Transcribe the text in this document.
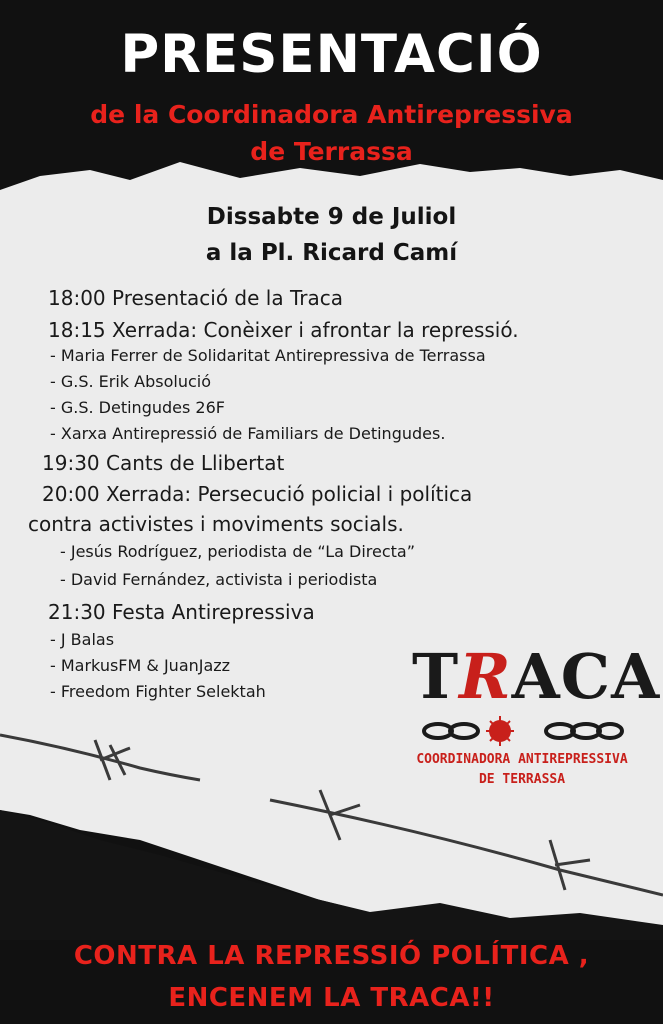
PRESENTACIÓ
de la Coordinadora Antirepressiva
de Terrassa
Dissabte 9 de Juliol
a la Pl. Ricard Camí
18:00 Presentació de la Traca
18:15 Xerrada: Conèixer i afrontar la repressió.
- Maria Ferrer de Solidaritat Antirepressiva de Terrassa
- G.S. Erik Absolució
- G.S. Detingudes 26F
- Xarxa Antirepressió de Familiars de Detingudes.
19:30 Cants de Llibertat
20:00 Xerrada: Persecució policial i política
contra activistes i moviments socials.
- Jesús Rodríguez, periodista de “La Directa”
- David Fernández, activista i periodista
21:30 Festa Antirepressiva
- J Balas
- MarkusFM & JuanJazz
- Freedom Fighter Selektah TRACA
COORDINADORA ANTIREPRESSIVA
DE TERRASSA
CONTRA LA REPRESSIÓ POLÍTICA ,
ENCENEM LA TRACA!!
